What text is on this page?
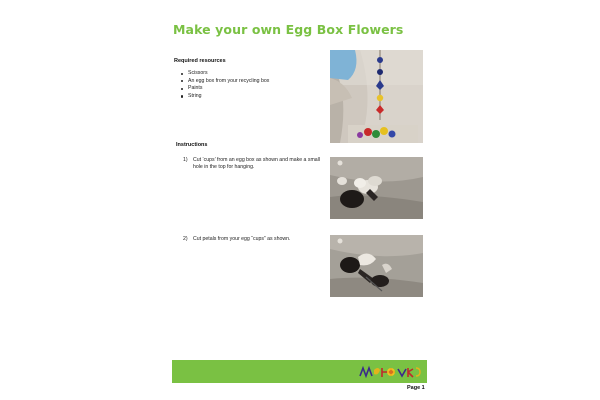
Make your own Egg Box Flowers
Required resources
Scissors
An egg box from your recycling box
Paints
String
Instructions
1) Cut ‘cups’ from an egg box as shown and make a small hole in the top for hanging.
2) Cut petals from your egg “cups” as shown.
Page 1
